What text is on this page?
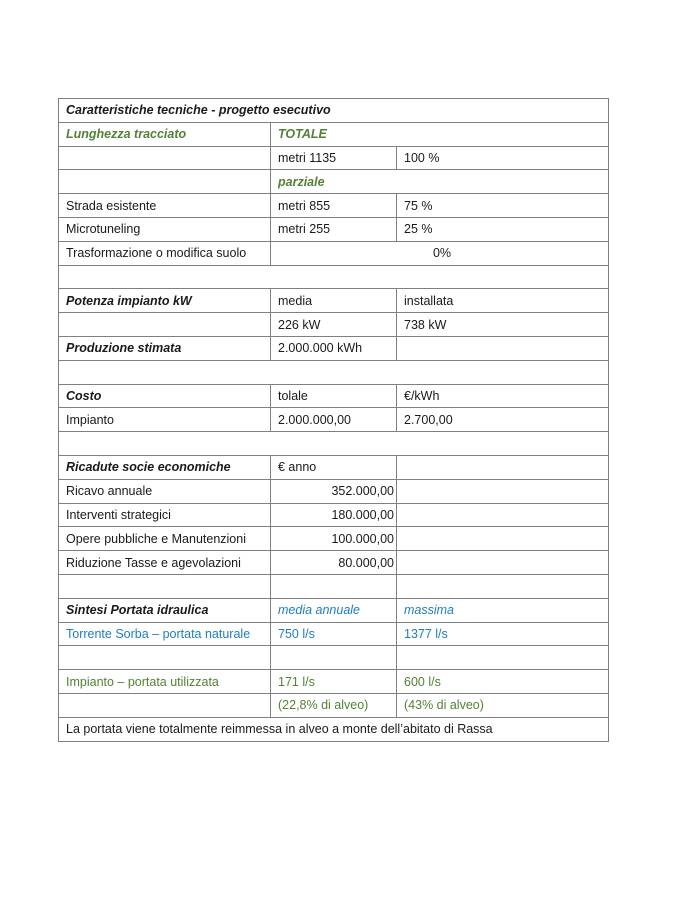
Caratteristiche tecniche - progetto esecutivo		
Lunghezza tracciato	TOTALE	
	metri 1135	100 %
	parziale	
Strada esistente	metri 855	75 %
Microtuneling	metri 255	25 %
Trasformazione o modifica suolo	0%	

Potenza impianto kW	media	installata
	226 kW	738 kW
Produzione stimata	2.000.000 kWh	

Costo	tolale	€/kWh
Impianto	2.000.000,00	2.700,00

Ricadute socie economiche	€ anno	
Ricavo annuale	352.000,00	
Interventi strategici	180.000,00	
Opere pubbliche e Manutenzioni	100.000,00	
Riduzione Tasse e agevolazioni	80.000,00	

Sintesi Portata idraulica	media annuale	massima
Torrente Sorba – portata naturale	750 l/s	1377 l/s

Impianto – portata utilizzata	171 l/s	600 l/s
	(22,8% di alveo)	(43% di alveo)
La portata viene totalmente reimmessa in alveo a monte dell’abitato di Rassa		
